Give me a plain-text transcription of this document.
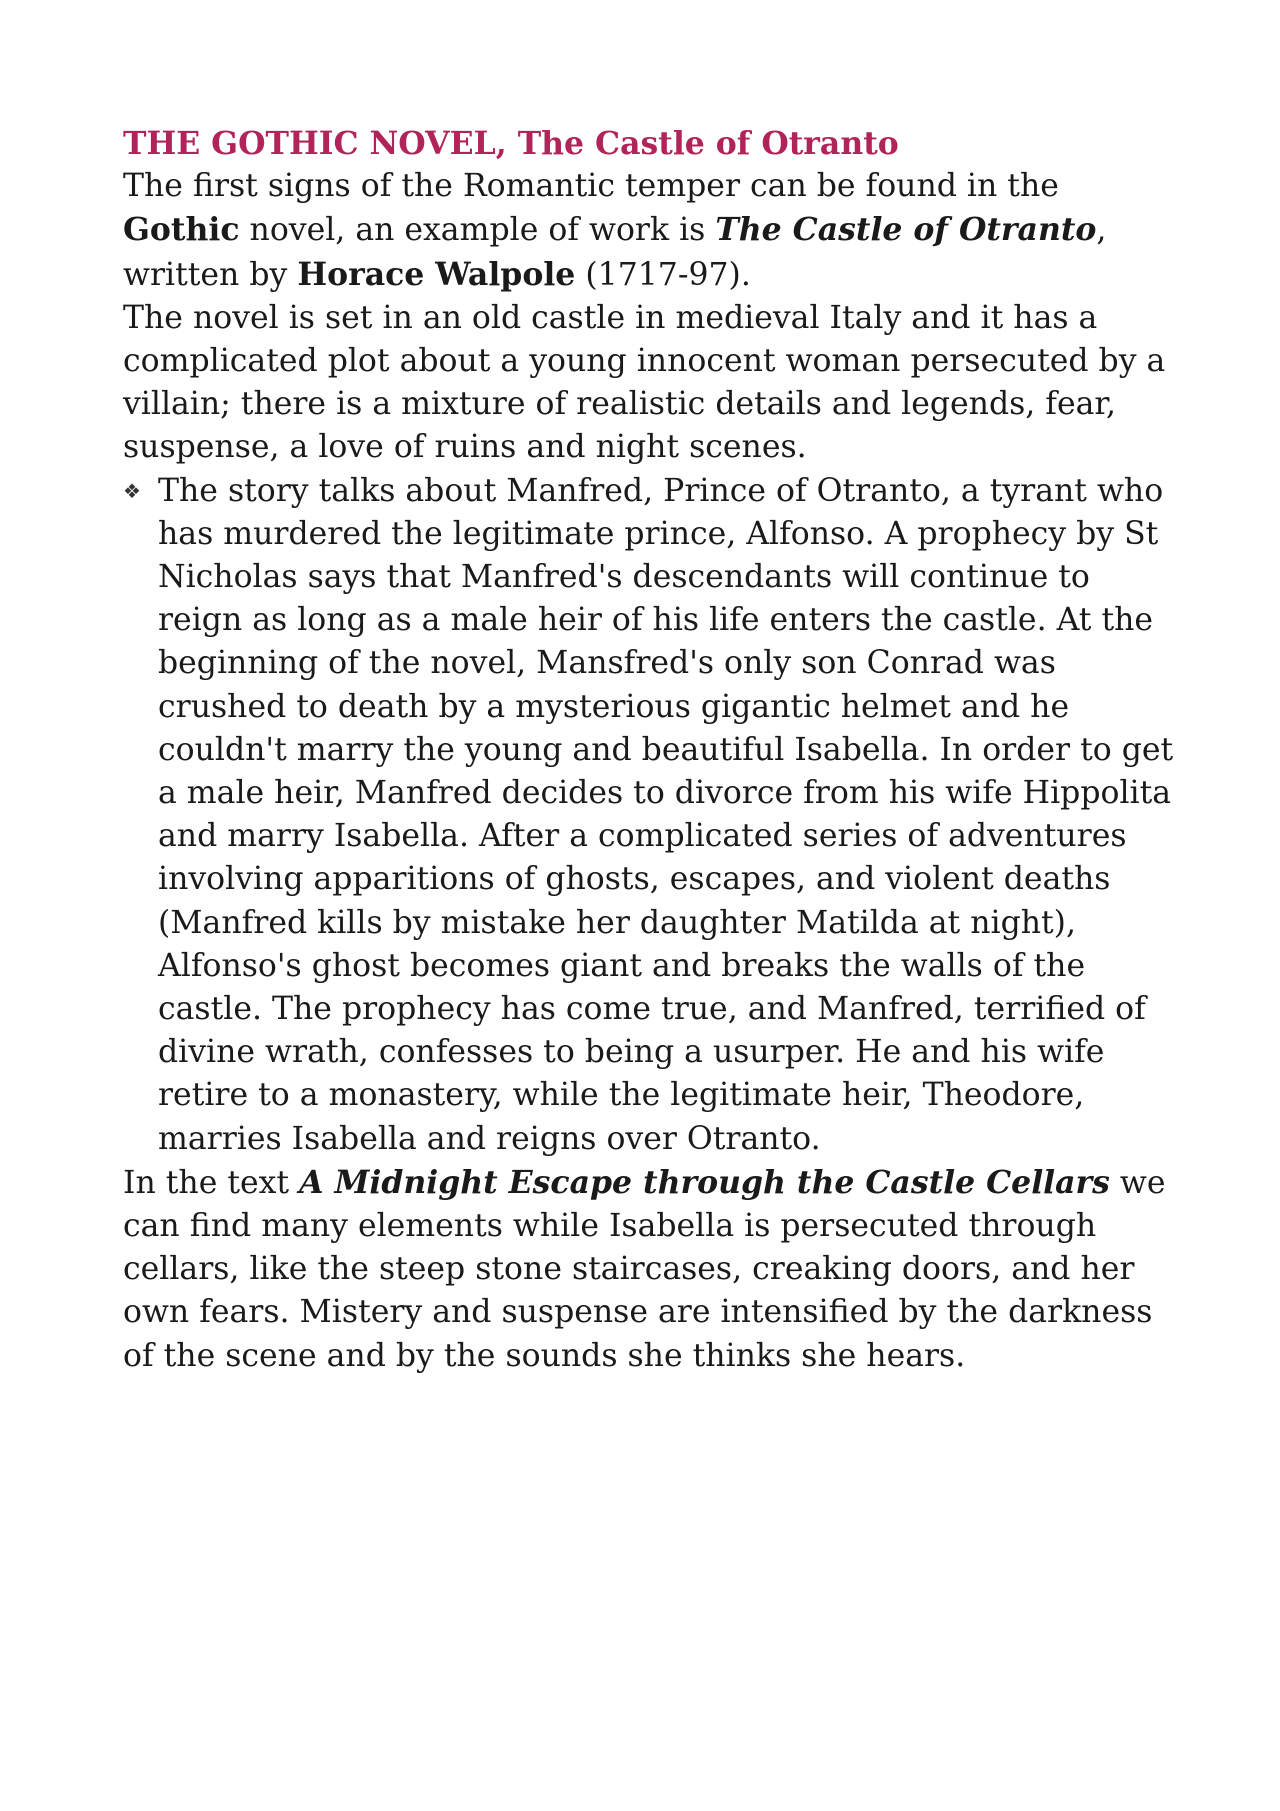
THE GOTHIC NOVEL, The Castle of Otranto

The first signs of the Romantic temper can be found in the Gothic novel, an example of work is The Castle of Otranto, written by Horace Walpole (1717-97).

The novel is set in an old castle in medieval Italy and it has a complicated plot about a young innocent woman persecuted by a villain; there is a mixture of realistic details and legends, fear, suspense, a love of ruins and night scenes.

❖ The story talks about Manfred, Prince of Otranto, a tyrant who has murdered the legitimate prince, Alfonso. A prophecy by St Nicholas says that Manfred's descendants will continue to reign as long as a male heir of his life enters the castle. At the beginning of the novel, Mansfred's only son Conrad was crushed to death by a mysterious gigantic helmet and he couldn't marry the young and beautiful Isabella. In order to get a male heir, Manfred decides to divorce from his wife Hippolita and marry Isabella. After a complicated series of adventures involving apparitions of ghosts, escapes, and violent deaths (Manfred kills by mistake her daughter Matilda at night), Alfonso's ghost becomes giant and breaks the walls of the castle. The prophecy has come true, and Manfred, terrified of divine wrath, confesses to being a usurper. He and his wife retire to a monastery, while the legitimate heir, Theodore, marries Isabella and reigns over Otranto.

In the text A Midnight Escape through the Castle Cellars we can find many elements while Isabella is persecuted through cellars, like the steep stone staircases, creaking doors, and her own fears. Mistery and suspense are intensified by the darkness of the scene and by the sounds she thinks she hears.
